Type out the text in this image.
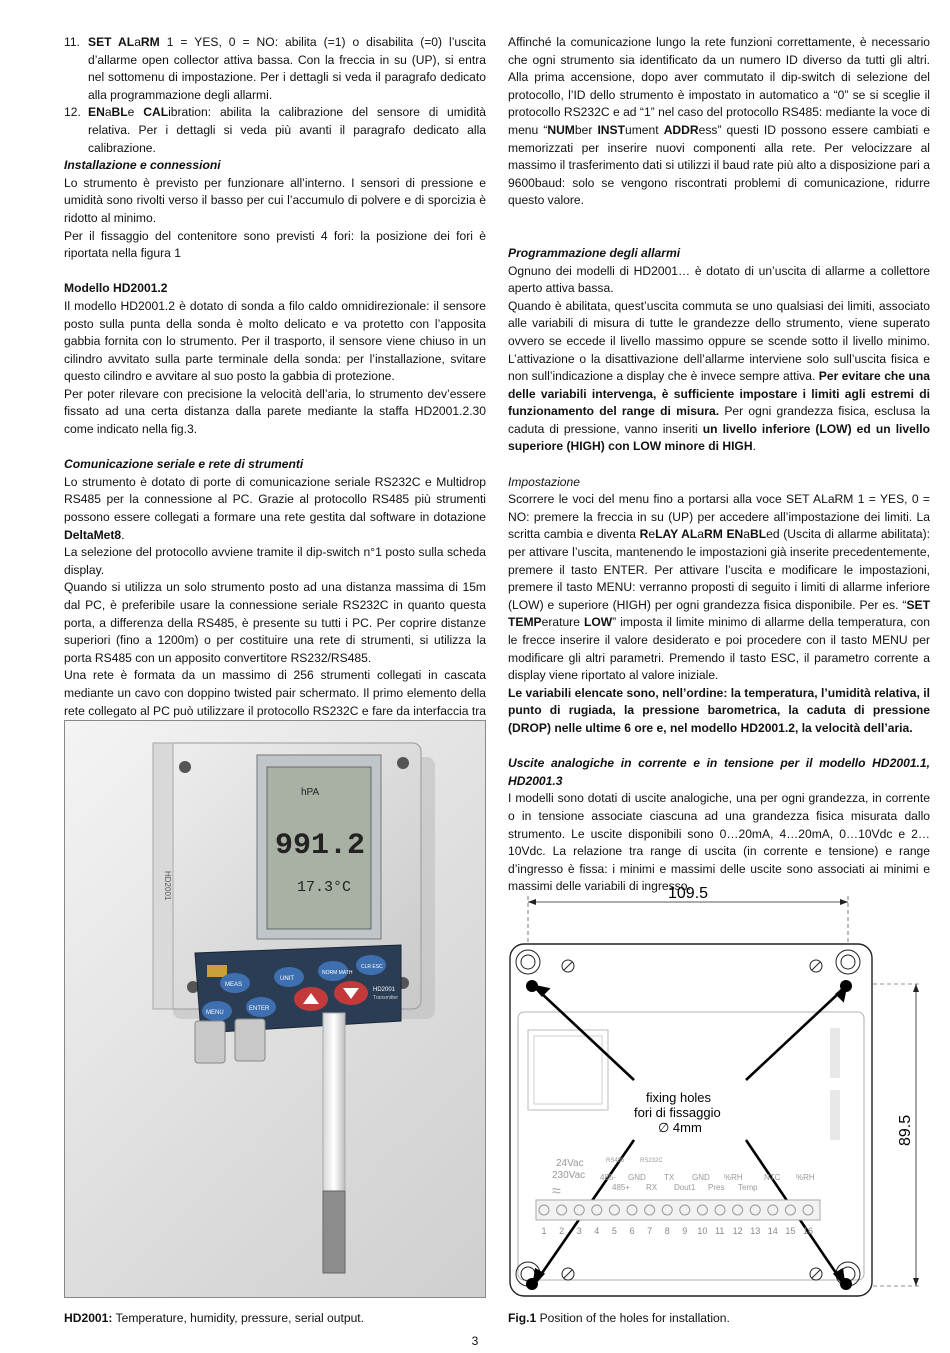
11. SET ALaRM 1 = YES, 0 = NO: abilita (=1) o disabilita (=0) l’uscita d’allarme open collector attiva bassa. Con la freccia in su (UP), si entra nel sottomenu di impostazione. Per i dettagli si veda il paragrafo dedicato alla programmazione degli allarmi.
12. ENaBLe CALibration: abilita la calibrazione del sensore di umidità relativa. Per i dettagli si veda più avanti il paragrafo dedicato alla calibrazione.

Installazione e connessioni

Lo strumento è previsto per funzionare all’interno. I sensori di pressione e umidità sono rivolti verso il basso per cui l’accumulo di polvere e di sporcizia è ridotto al minimo.

Per il fissaggio del contenitore sono previsti 4 fori: la posizione dei fori è riportata nella figura 1

Modello HD2001.2

Il modello HD2001.2 è dotato di sonda a filo caldo omnidirezionale: il sensore posto sulla punta della sonda è molto delicato e va protetto con l’apposita gabbia fornita con lo strumento. Per il trasporto, il sensore viene chiuso in un cilindro avvitato sulla parte terminale della sonda: per l’installazione, svitare questo cilindro e avvitare al suo posto la gabbia di protezione.

Per poter rilevare con precisione la velocità dell’aria, lo strumento dev’essere fissato ad una certa distanza dalla parete mediante la staffa HD2001.2.30 come indicato nella fig.3.

Comunicazione seriale e rete di strumenti

Lo strumento è dotato di porte di comunicazione seriale RS232C e Multidrop RS485 per la connessione al PC. Grazie al protocollo RS485 più strumenti possono essere collegati a formare una rete gestita dal software in dotazione DeltaMet8.

La selezione del protocollo avviene tramite il dip-switch n°1 posto sulla scheda display.

Quando si utilizza un solo strumento posto ad una distanza massima di 15m dal PC, è preferibile usare la connessione seriale RS232C in quanto questa porta, a differenza della RS485, è presente su tutti i PC. Per coprire distanze superiori (fino a 1200m) o per costituire una rete di strumenti, si utilizza la porta RS485 con un apposito convertitore RS232/RS485.

Una rete è formata da un massimo di 256 strumenti collegati in cascata mediante un cavo con doppino twisted pair schermato. Il primo elemento della rete collegato al PC può utilizzare il protocollo RS232C e fare da interfaccia tra

HD2001
hPA
991.2
17.3°C
MEAS
UNIT
NORM MATH
CLR ESC
MENU
ENTER
HD2001
Transmitter
HD2001: Temperature, humidity, pressure, serial output.

Affinché la comunicazione lungo la rete funzioni correttamente, è necessario che ogni strumento sia identificato da un numero ID diverso da tutti gli altri. Alla prima accensione, dopo aver commutato il dip-switch di selezione del protocollo, l’ID dello strumento è impostato in automatico a “0” se si sceglie il protocollo RS232C e ad “1” nel caso del protocollo RS485: mediante la voce di menu “NUMber INSTument ADDRess” questi ID possono essere cambiati e memorizzati per inserire nuovi componenti alla rete. Per velocizzare al massimo il trasferimento dati si utilizzi il baud rate più alto a disposizione pari a 9600baud: solo se vengono riscontrati problemi di comunicazione, ridurre questo valore.

Programmazione degli allarmi

Ognuno dei modelli di HD2001… è dotato di un’uscita di allarme a collettore aperto attiva bassa.

Quando è abilitata, quest’uscita commuta se uno qualsiasi dei limiti, associato alle variabili di misura di tutte le grandezze dello strumento, viene superato ovvero se eccede il livello massimo oppure se scende sotto il livello minimo. L’attivazione o la disattivazione dell’allarme interviene solo sull’uscita fisica e non sull’indicazione a display che è invece sempre attiva. Per evitare che una delle variabili intervenga, è sufficiente impostare i limiti agli estremi di funzionamento del range di misura. Per ogni grandezza fisica, esclusa la caduta di pressione, vanno inseriti un livello inferiore (LOW) ed un livello superiore (HIGH) con LOW minore di HIGH.

Impostazione

Scorrere le voci del menu fino a portarsi alla voce SET ALaRM 1 = YES, 0 = NO: premere la freccia in su (UP) per accedere all’impostazione dei limiti. La scritta cambia e diventa ReLAY ALaRM ENaBLed (Uscita di allarme abilitata): per attivare l’uscita, mantenendo le impostazioni già inserite precedentemente, premere il tasto ENTER. Per attivare l’uscita e modificare le impostazioni, premere il tasto MENU: verranno proposti di seguito i limiti di allarme inferiore (LOW) e superiore (HIGH) per ogni grandezza fisica disponibile. Per es. “SET TEMPerature LOW” imposta il limite minimo di allarme della temperatura, con le frecce inserire il valore desiderato e poi procedere con il tasto MENU per modificare gli altri parametri. Premendo il tasto ESC, il parametro corrente a display viene riportato al valore iniziale.

Le variabili elencate sono, nell’ordine: la temperatura, l’umidità relativa, il punto di rugiada, la pressione barometrica, la caduta di pressione (DROP) nelle ultime 6 ore e, nel modello HD2001.2, la velocità dell’aria.

Uscite analogiche in corrente e in tensione per il modello HD2001.1, HD2001.3

I modelli sono dotati di uscite analogiche, una per ogni grandezza, in corrente o in tensione associate ciascuna ad una grandezza fisica misurata dallo strumento. Le uscite disponibili sono 0…20mA, 4…20mA, 0…10Vdc e 2…10Vdc. La relazione tra range di uscita (in corrente e tensione) e range d’ingresso è fissa: i minimi e massimi delle uscite sono associati ai minimi e massimi delle variabili di ingresso.

109.5
89.5
fixing holes
fori di fissaggio
∅ 4mm
24Vac
230Vac
RS485	RS232C
485- GND TX GND %RH	NTC %RH
485+ RX Dout1 Pres Temp
≈
1 2 3 4 5 6 7 8 9 10 11 12 13 14 15 16
Fig.1 Position of the holes for installation.
3
